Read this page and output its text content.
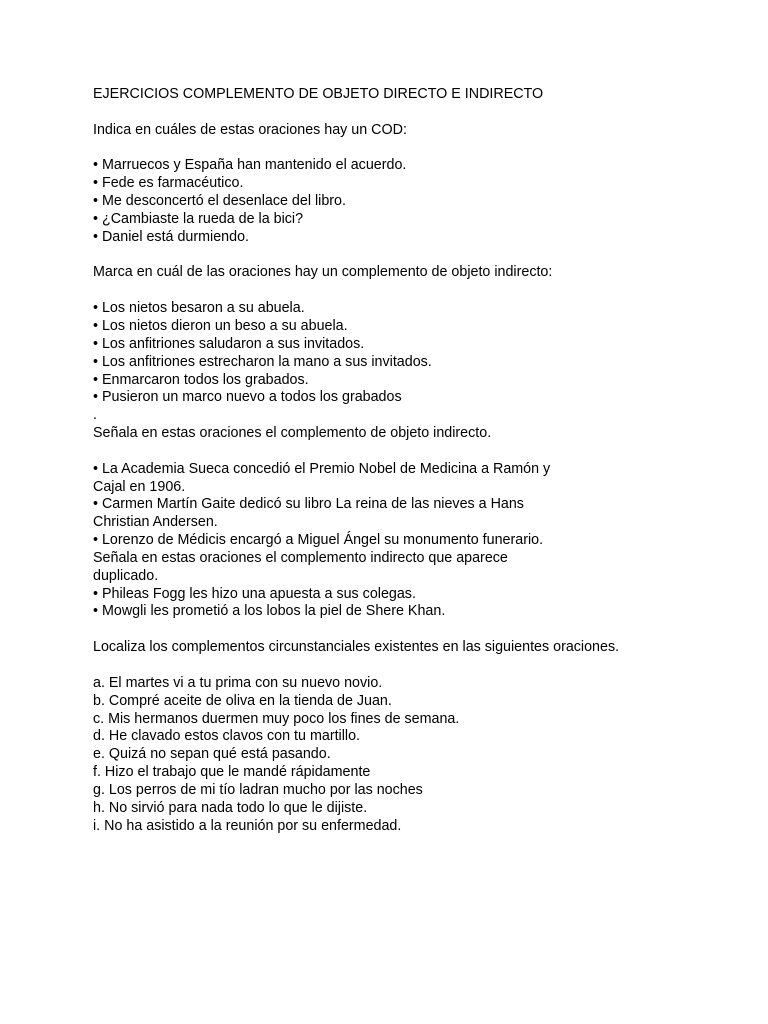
EJERCICIOS COMPLEMENTO DE OBJETO DIRECTO E INDIRECTO
Indica en cuáles de estas oraciones hay un COD:
• Marruecos y España han mantenido el acuerdo.
• Fede es farmacéutico.
• Me desconcertó el desenlace del libro.
• ¿Cambiaste la rueda de la bici?
• Daniel está durmiendo.
Marca en cuál de las oraciones hay un complemento de objeto indirecto:
• Los nietos besaron a su abuela.
• Los nietos dieron un beso a su abuela.
• Los anfitriones saludaron a sus invitados.
• Los anfitriones estrecharon la mano a sus invitados.
• Enmarcaron todos los grabados.
• Pusieron un marco nuevo a todos los grabados
.
Señala en estas oraciones el complemento de objeto indirecto.
• La Academia Sueca concedió el Premio Nobel de Medicina a Ramón y
Cajal en 1906.
• Carmen Martín Gaite dedicó su libro La reina de las nieves a Hans
Christian Andersen.
• Lorenzo de Médicis encargó a Miguel Ángel su monumento funerario.
Señala en estas oraciones el complemento indirecto que aparece
duplicado.
• Phileas Fogg les hizo una apuesta a sus colegas.
• Mowgli les prometió a los lobos la piel de Shere Khan.
Localiza los complementos circunstanciales existentes en las siguientes oraciones.
a. El martes vi a tu prima con su nuevo novio.
b. Compré aceite de oliva en la tienda de Juan.
c. Mis hermanos duermen muy poco los fines de semana.
d. He clavado estos clavos con tu martillo.
e. Quizá no sepan qué está pasando.
f. Hizo el trabajo que le mandé rápidamente
g. Los perros de mi tío ladran mucho por las noches
h. No sirvió para nada todo lo que le dijiste.
i. No ha asistido a la reunión por su enfermedad.
